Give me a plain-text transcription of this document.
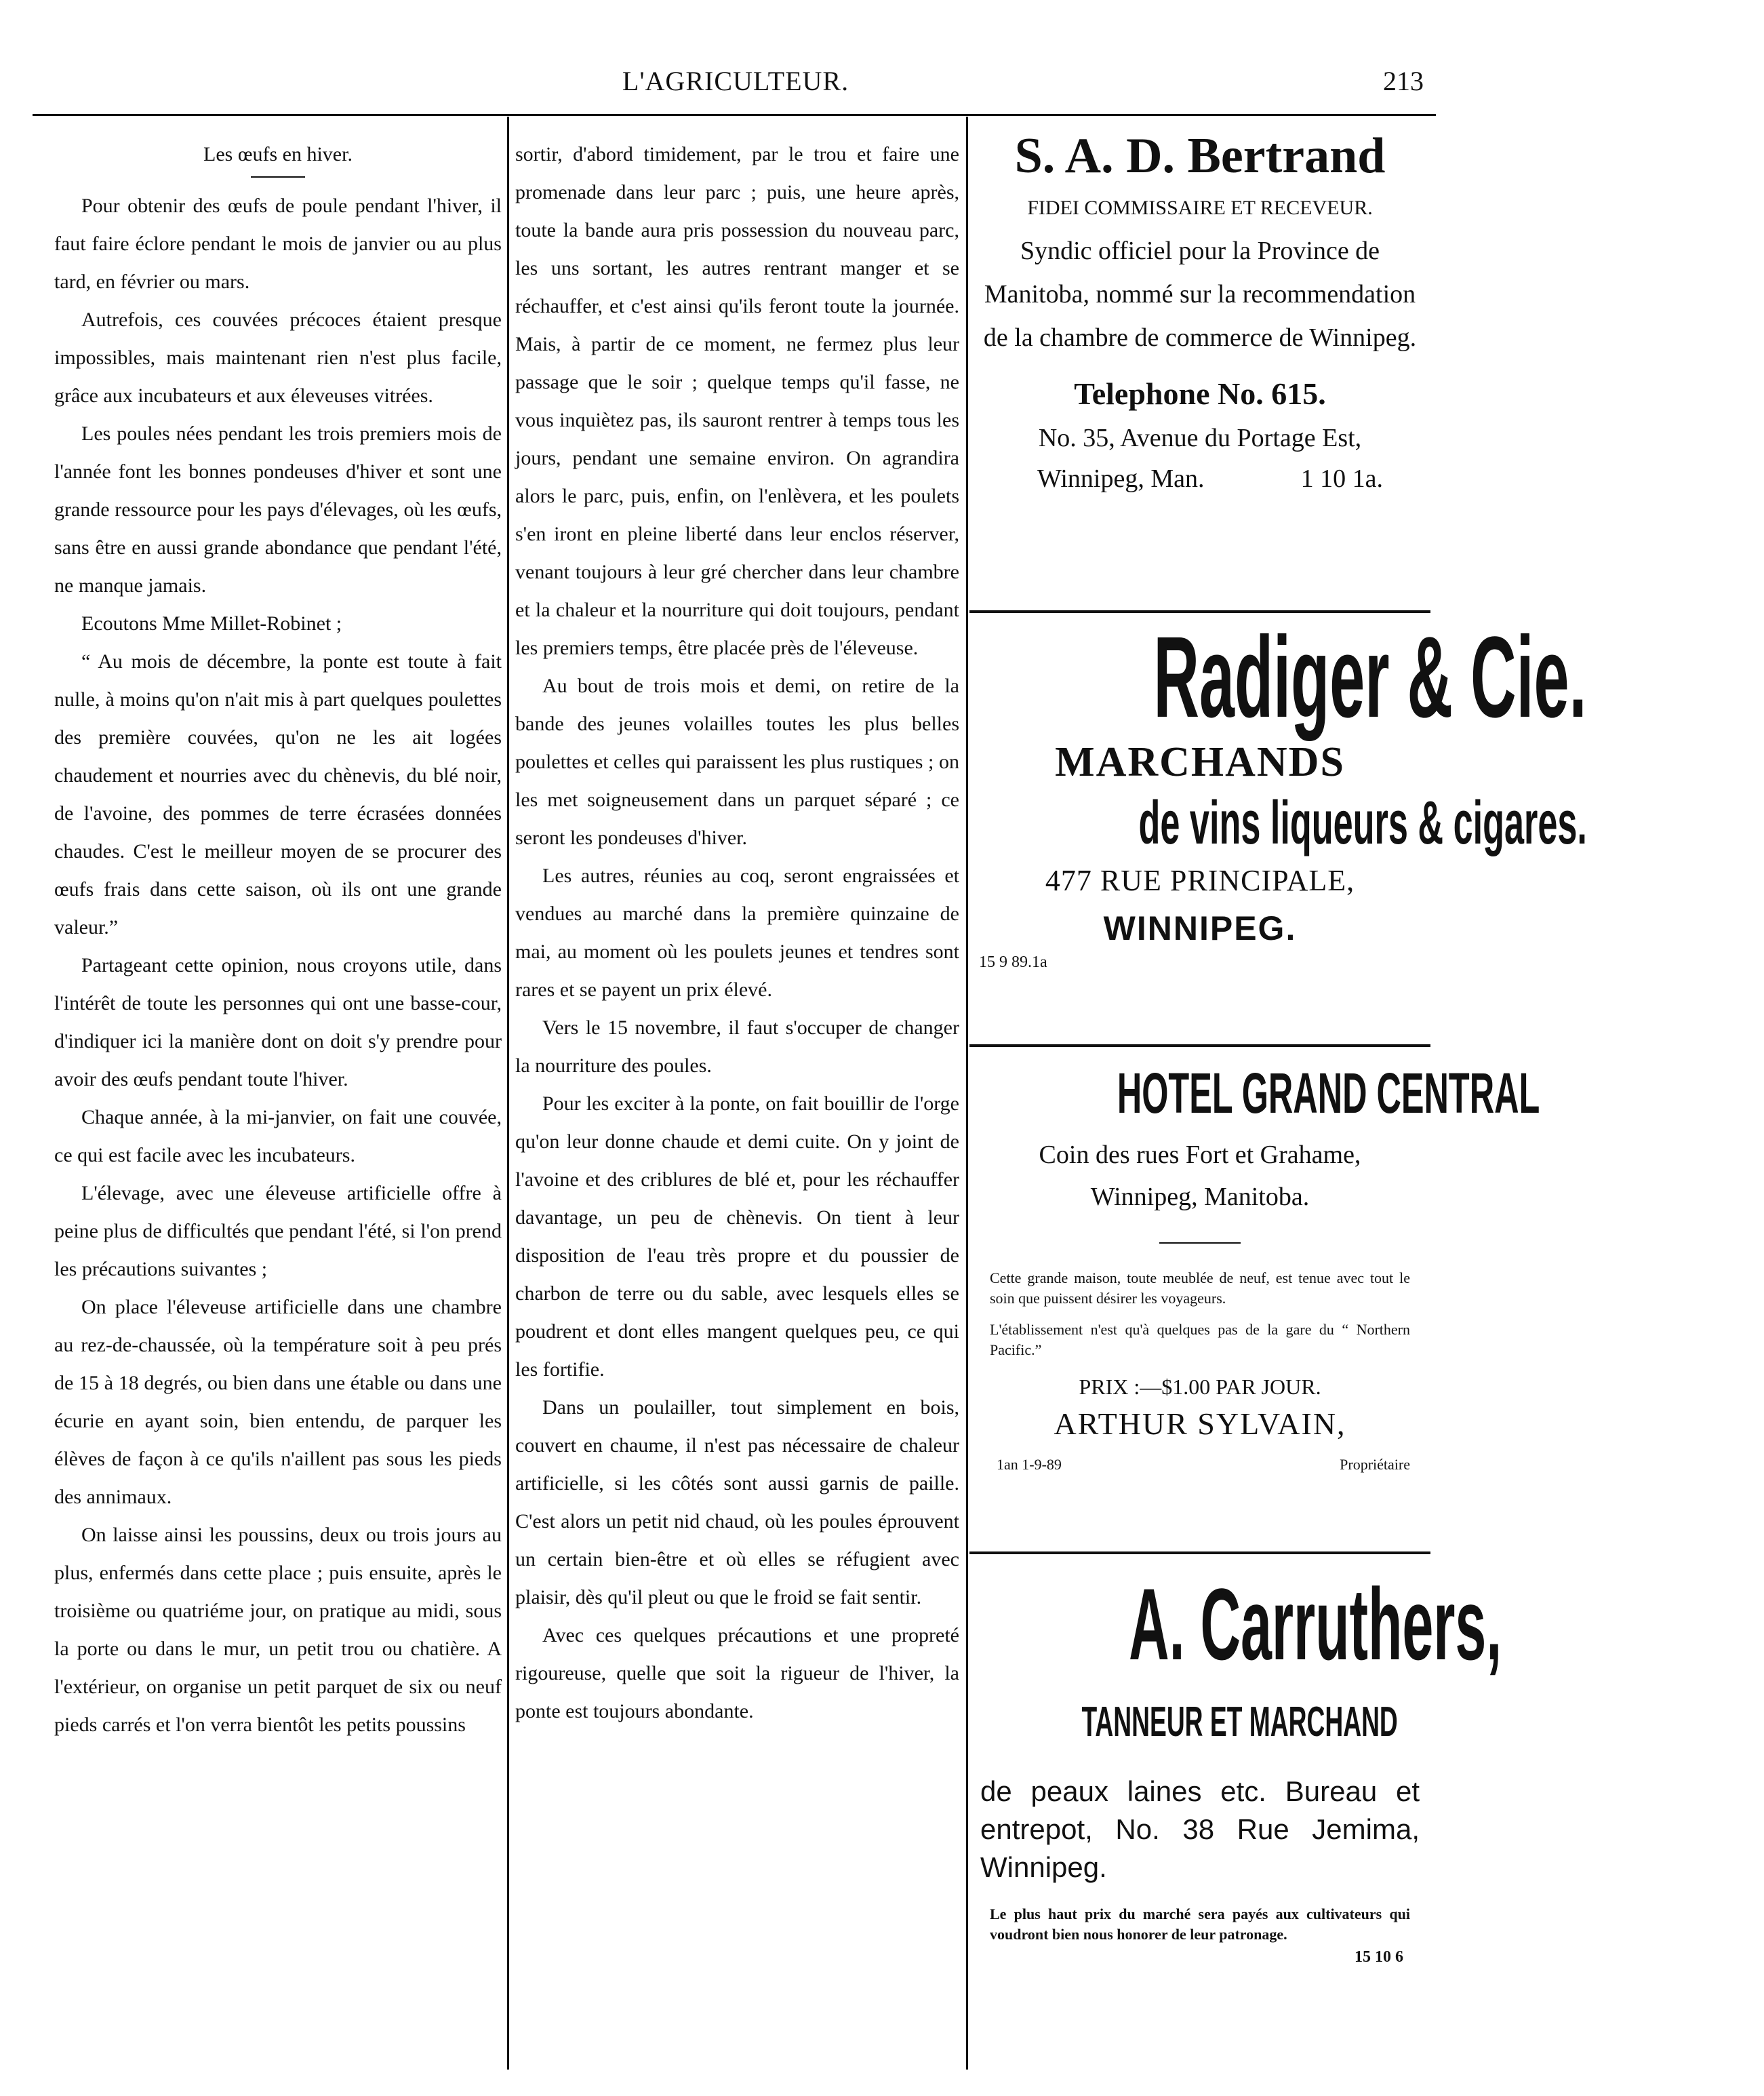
L'AGRICULTEUR.	213
Les œufs en hiver.

Pour obtenir des œufs de poule pendant l'hiver, il faut faire éclore pendant le mois de janvier ou au plus tard, en février ou mars.

Autrefois, ces couvées précoces étaient presque impossibles, mais maintenant rien n'est plus facile, grâce aux incubateurs et aux éleveuses vitrées.

Les poules nées pendant les trois premiers mois de l'année font les bonnes pondeuses d'hiver et sont une grande ressource pour les pays d'élevages, où les œufs, sans être en aussi grande abondance que pendant l'été, ne manque jamais.

Ecoutons Mme Millet-Robinet ;

“ Au mois de décembre, la ponte est toute à fait nulle, à moins qu'on n'ait mis à part quelques poulettes des première couvées, qu'on ne les ait logées chaudement et nourries avec du chènevis, du blé noir, de l'avoine, des pommes de terre écrasées données chaudes. C'est le meilleur moyen de se procurer des œufs frais dans cette saison, où ils ont une grande valeur.”

Partageant cette opinion, nous croyons utile, dans l'intérêt de toute les personnes qui ont une basse-cour, d'indiquer ici la manière dont on doit s'y prendre pour avoir des œufs pendant toute l'hiver.

Chaque année, à la mi-janvier, on fait une couvée, ce qui est facile avec les incubateurs.

L'élevage, avec une éleveuse artificielle offre à peine plus de difficultés que pendant l'été, si l'on prend les précautions suivantes ;

On place l'éleveuse artificielle dans une chambre au rez-de-chaussée, où la température soit à peu prés de 15 à 18 degrés, ou bien dans une étable ou dans une écurie en ayant soin, bien entendu, de parquer les élèves de façon à ce qu'ils n'aillent pas sous les pieds des annimaux.

On laisse ainsi les poussins, deux ou trois jours au plus, enfermés dans cette place ; puis ensuite, après le troisième ou quatriéme jour, on pratique au midi, sous la porte ou dans le mur, un petit trou ou chatière. A l'extérieur, on organise un petit parquet de six ou neuf pieds carrés et l'on verra bientôt les petits poussins

sortir, d'abord timidement, par le trou et faire une promenade dans leur parc ; puis, une heure après, toute la bande aura pris possession du nouveau parc, les uns sortant, les autres rentrant manger et se réchauffer, et c'est ainsi qu'ils feront toute la journée. Mais, à partir de ce moment, ne fermez plus leur passage que le soir ; quelque temps qu'il fasse, ne vous inquiètez pas, ils sauront rentrer à temps tous les jours, pendant une semaine environ. On agrandira alors le parc, puis, enfin, on l'enlèvera, et les poulets s'en iront en pleine liberté dans leur enclos réserver, venant toujours à leur gré chercher dans leur chambre et la chaleur et la nourriture qui doit toujours, pendant les premiers temps, être placée près de l'éleveuse.

Au bout de trois mois et demi, on retire de la bande des jeunes volailles toutes les plus belles poulettes et celles qui paraissent les plus rustiques ; on les met soigneusement dans un parquet séparé ; ce seront les pondeuses d'hiver.

Les autres, réunies au coq, seront engraissées et vendues au marché dans la première quinzaine de mai, au moment où les poulets jeunes et tendres sont rares et se payent un prix élevé.

Vers le 15 novembre, il faut s'occuper de changer la nourriture des poules.

Pour les exciter à la ponte, on fait bouillir de l'orge qu'on leur donne chaude et demi cuite. On y joint de l'avoine et des criblures de blé et, pour les réchauffer davantage, un peu de chènevis. On tient à leur disposition de l'eau très propre et du poussier de charbon de terre ou du sable, avec lesquels elles se poudrent et dont elles mangent quelques peu, ce qui les fortifie.

Dans un poulailler, tout simplement en bois, couvert en chaume, il n'est pas nécessaire de chaleur artificielle, si les côtés sont aussi garnis de paille. C'est alors un petit nid chaud, où les poules éprouvent un certain bien-être et où elles se réfugient avec plaisir, dès qu'il pleut ou que le froid se fait sentir.

Avec ces quelques précautions et une propreté rigoureuse, quelle que soit la rigueur de l'hiver, la ponte est toujours abondante.

S. A. D. Bertrand
FIDEI COMMISSAIRE ET RECEVEUR.
Syndic officiel pour la Province de Manitoba, nommé sur la recommendation de la chambre de commerce de Winnipeg.
Telephone No. 615.
No. 35, Avenue du Portage Est,
Winnipeg, Man.	1 10 1a.
Radiger & Cie.
MARCHANDS
de vins liqueurs & cigares.
477 RUE PRINCIPALE,
WINNIPEG.
15 9 89.1a
HOTEL GRAND CENTRAL
Coin des rues Fort et Grahame,
Winnipeg, Manitoba.
Cette grande maison, toute meublée de neuf, est tenue avec tout le soin que puissent désirer les voyageurs.
L'établissement n'est qu'à quelques pas de la gare du “ Northern Pacific.”
PRIX :—$1.00 PAR JOUR.
ARTHUR SYLVAIN,
1an 1-9-89	Propriétaire
A. Carruthers,
TANNEUR ET MARCHAND
de peaux laines etc. Bureau et entrepot, No. 38 Rue Jemima, Winnipeg.
Le plus haut prix du marché sera payés aux cultivateurs qui voudront bien nous honorer de leur patronage.
15 10 6
